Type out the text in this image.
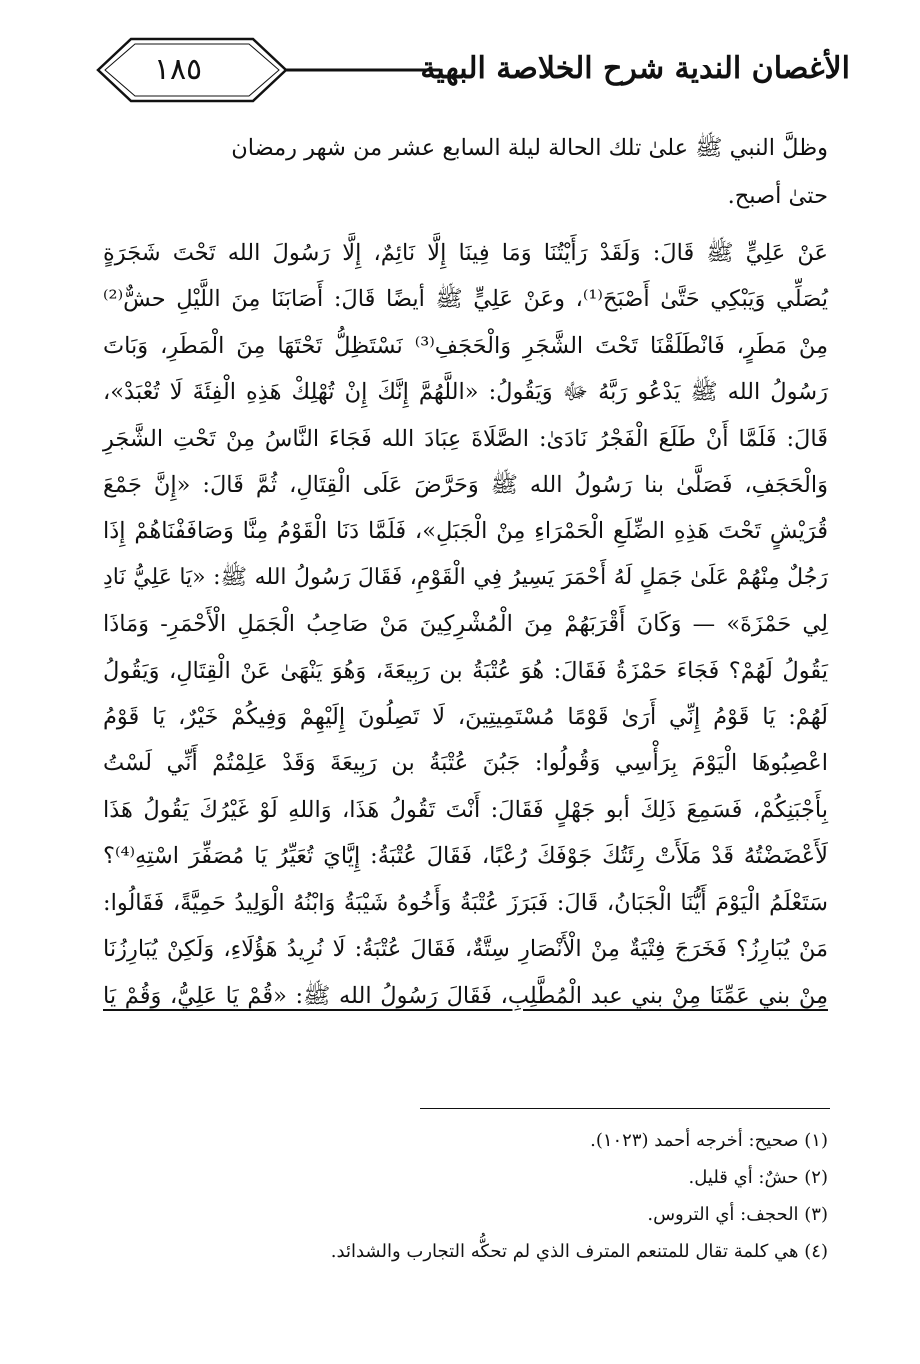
١٨٥	الأغصان الندية شرح الخلاصة البهية

وظلَّ النبي ﷺ علىٰ تلك الحالة ليلة السابع عشر من شهر رمضان

حتىٰ أصبح.

عَنْ عَلِيٍّ ﷺ قَالَ: وَلَقَدْ رَأَيْتُنَا وَمَا فِينَا إِلَّا نَائِمٌ، إِلَّا رَسُولَ الله تَحْتَ شَجَرَةٍ
يُصَلِّي وَيَبْكِي حَتَّىٰ أَصْبَحَ⁽¹⁾، وعَنْ عَلِيٍّ ﷺ أيضًا قَالَ: أَصَابَنَا مِنَ اللَّيْلِ حشٌّ⁽²⁾
مِنْ مَطَرٍ، فَانْطَلَقْنَا تَحْتَ الشَّجَرِ وَالْحَجَفِ⁽³⁾ نَسْتَظِلُّ تَحْتَهَا مِنَ الْمَطَرِ، وَبَاتَ
رَسُولُ الله ﷺ يَدْعُو رَبَّهُ ﷻ وَيَقُولُ: «اللَّهُمَّ إِنَّكَ إِنْ تُهْلِكْ هَذِهِ الْفِئَةَ لَا تُعْبَدْ»،
قَالَ: فَلَمَّا أَنْ طَلَعَ الْفَجْرُ نَادَىٰ: الصَّلَاةَ عِبَادَ الله فَجَاءَ النَّاسُ مِنْ تَحْتِ الشَّجَرِ
وَالْحَجَفِ، فَصَلَّىٰ بنا رَسُولُ الله ﷺ وَحَرَّضَ عَلَى الْقِتَالِ، ثُمَّ قَالَ: «إِنَّ جَمْعَ
قُرَيْشٍ تَحْتَ هَذِهِ الضِّلَعِ الْحَمْرَاءِ مِنْ الْجَبَلِ»، فَلَمَّا دَنَا الْقَوْمُ مِنَّا وَصَافَفْنَاهُمْ إِذَا
رَجُلٌ مِنْهُمْ عَلَىٰ جَمَلٍ لَهُ أَحْمَرَ يَسِيرُ فِي الْقَوْمِ، فَقَالَ رَسُولُ الله ﷺ: «يَا عَلِيُّ نَادِ
لِي حَمْزَةَ» — وَكَانَ أَقْرَبَهُمْ مِنَ الْمُشْرِكِينَ مَنْ صَاحِبُ الْجَمَلِ الْأَحْمَرِ- وَمَاذَا
يَقُولُ لَهُمْ؟ فَجَاءَ حَمْزَةُ فَقَالَ: هُوَ عُتْبَةُ بن رَبِيعَةَ، وَهُوَ يَنْهَىٰ عَنْ الْقِتَالِ، وَيَقُولُ
لَهُمْ: يَا قَوْمُ إِنِّي أَرَىٰ قَوْمًا مُسْتَمِيتِينَ، لَا تَصِلُونَ إِلَيْهِمْ وَفِيكُمْ خَيْرٌ، يَا قَوْمُ
اعْصِبُوهَا الْيَوْمَ بِرَأْسِي وَقُولُوا: جَبُنَ عُتْبَةُ بن رَبِيعَةَ وَقَدْ عَلِمْتُمْ أَنِّي لَسْتُ
بِأَجْبَنِكُمْ، فَسَمِعَ ذَلِكَ أبو جَهْلٍ فَقَالَ: أَنْتَ تَقُولُ هَذَا، وَاللهِ لَوْ غَيْرُكَ يَقُولُ هَذَا
لَأَعْضَضْتُهُ قَدْ مَلَأَتْ رِئَتُكَ جَوْفَكَ رُعْبًا، فَقَالَ عُتْبَةُ: إِيَّايَ تُعَيِّرُ يَا مُصَفِّرَ اسْتِهِ⁽⁴⁾؟
سَتَعْلَمُ الْيَوْمَ أَيُّنَا الْجَبَانُ، قَالَ: فَبَرَزَ عُتْبَةُ وَأَخُوهُ شَيْبَةُ وَابْنُهُ الْوَلِيدُ حَمِيَّةً، فَقَالُوا:
مَنْ يُبَارِزُ؟ فَخَرَجَ فِتْيَةٌ مِنْ الْأَنْصَارِ سِتَّةٌ، فَقَالَ عُتْبَةُ: لَا نُرِيدُ هَؤُلَاءِ، وَلَكِنْ يُبَارِزُنَا
مِنْ بني عَمِّنَا مِنْ بني عبد الْمُطَّلِبِ، فَقَالَ رَسُولُ الله ﷺ: «قُمْ يَا عَلِيُّ، وَقُمْ يَا

(١) صحيح: أخرجه أحمد (١٠٢٣).

(٢) حشٌ: أي قليل.

(٣) الحجف: أي التروس.

(٤) هي كلمة تقال للمتنعم المترف الذي لم تحكُّه التجارب والشدائد.
